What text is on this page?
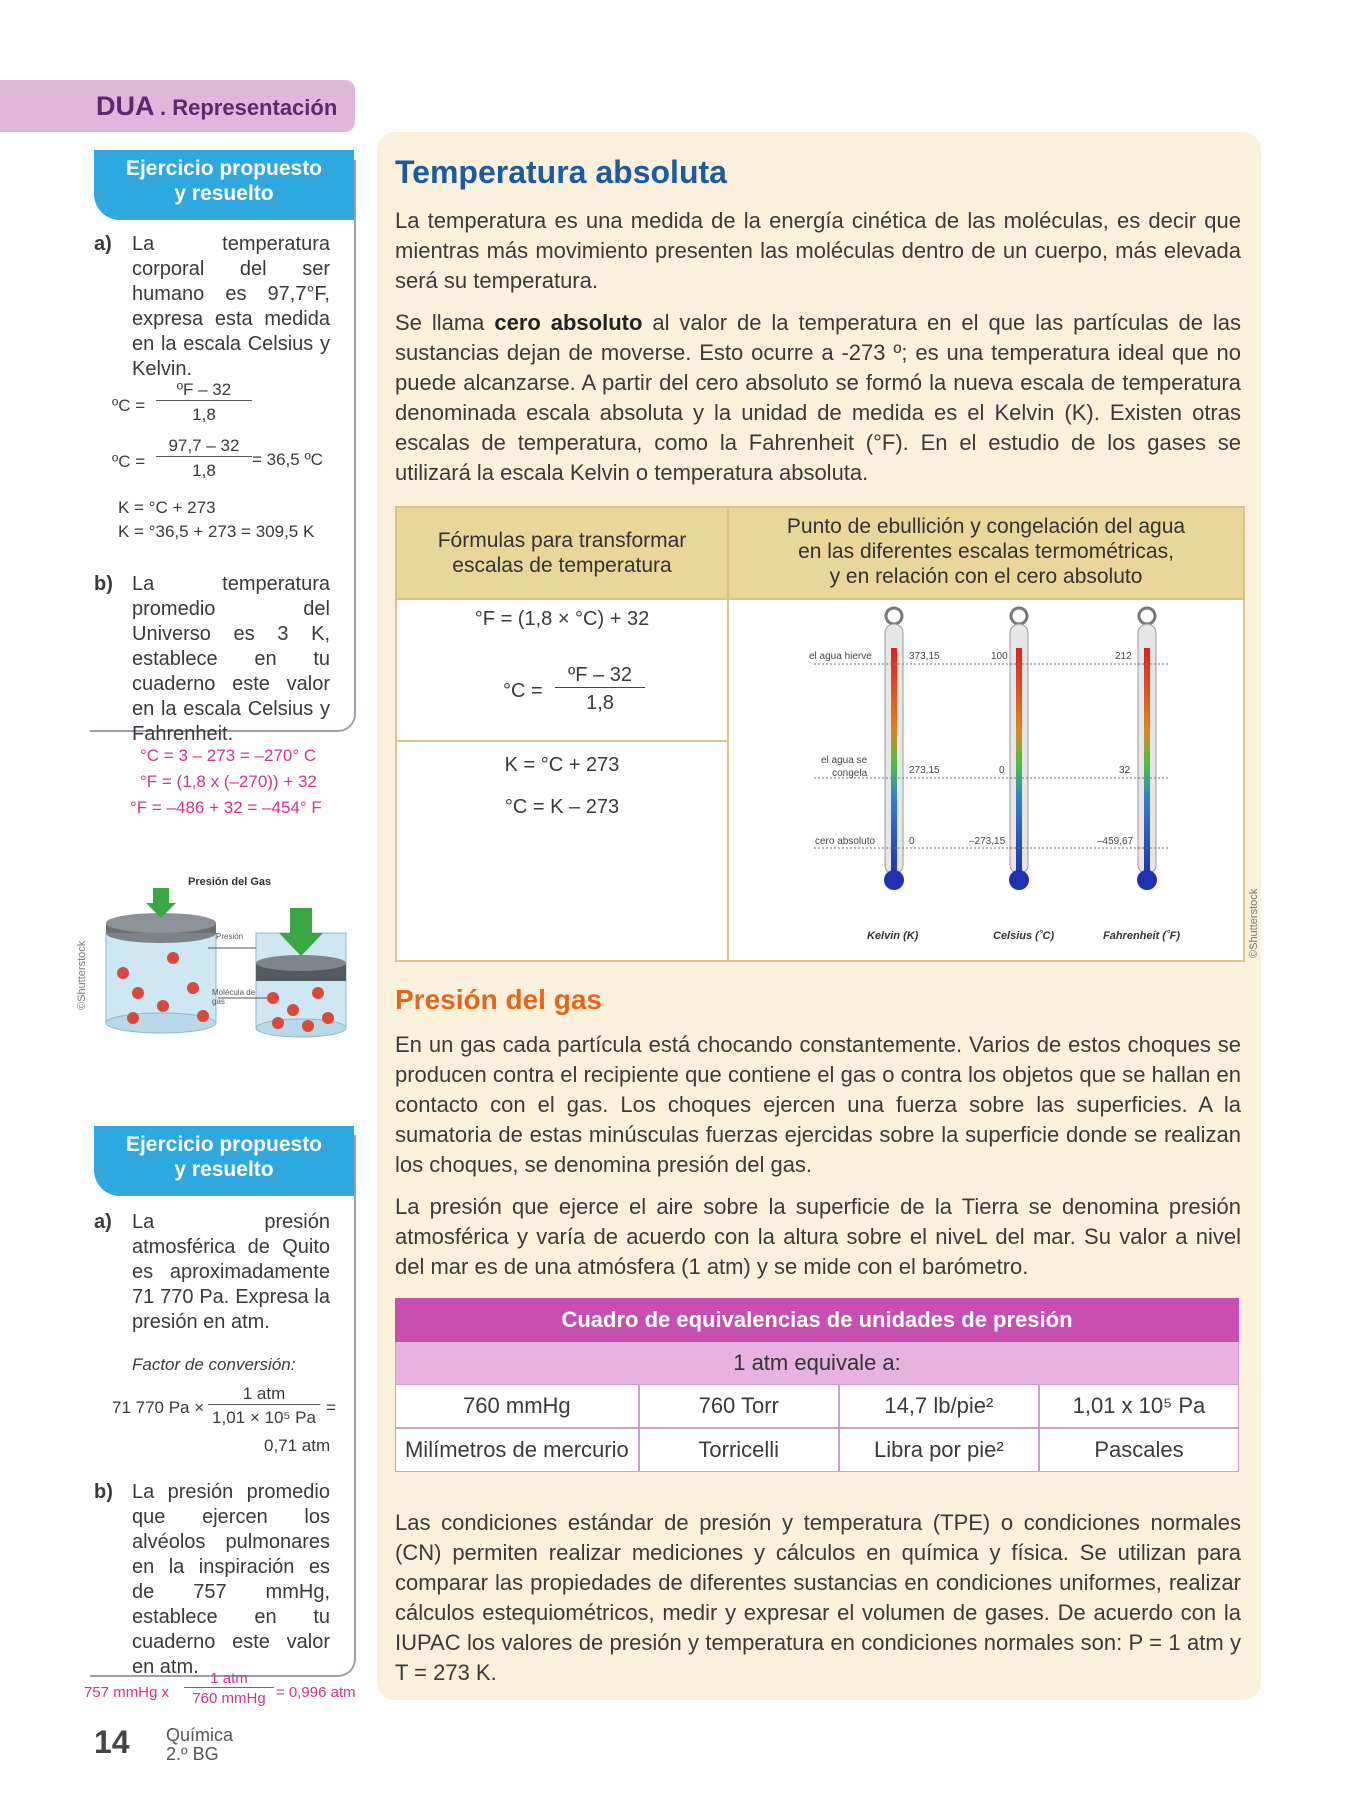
DUA . Representación
Ejercicio propuesto
y resuelto
a) La temperatura corporal del ser humano es 97,7°F, expresa esta medida en la escala Celsius y Kelvin.
ºC = $\frac{\text{ºF – 32}}{1,8}$
ºC = $\frac{97,7 - 32}{1,8} = 36,5$ ºC
K = °C + 273
K = °36,5 + 273 = 309,5 K
b) La temperatura promedio del Universo es 3 K, establece en tu cuaderno este valor en la escala Celsius y Fahrenheit.
°C = 3 – 273 = –270° C
°F = (1,8 x (–270)) + 32
°F = –486 + 32 = –454° F
Presión del Gas
Presión
Molécula de gas
©Shutterstock
Ejercicio propuesto
y resuelto
a) La presión atmosférica de Quito es aproximadamente 71 770 Pa. Expresa la presión en atm.
Factor de conversión:
71 770 Pa ×
1 atm
1,01 × 10⁵ Pa
=
0,71 atm
b) La presión promedio que ejercen los alvéolos pulmonares en la inspiración es de 757 mmHg, establece en tu cuaderno este valor en atm.
757 mmHg x
1 atm
760 mmHg = 0,996 atm
14 Química
2.º BG
Temperatura absoluta
La temperatura es una medida de la energía cinética de las moléculas, es decir que mientras más movimiento presenten las moléculas dentro de un cuerpo, más elevada será su temperatura.
Se llama cero absoluto al valor de la temperatura en el que las partículas de las sustancias dejan de moverse. Esto ocurre a -273 º; es una temperatura ideal que no puede alcanzarse. A partir del cero absoluto se formó la nueva escala de temperatura denominada escala absoluta y la unidad de medida es el Kelvin (K). Existen otras escalas de temperatura, como la Fahrenheit (°F). En el estudio de los gases se utilizará la escala Kelvin o temperatura absoluta.
Fórmulas para transformar escalas de temperatura
Punto de ebullición y congelación del agua
en las diferentes escalas termométricas,
y en relación con el cero absoluto
°F = (1,8 × °C) + 32
$^\circ C = \frac{\text{ºF – 32}}{1,8}$
K = °C + 273
°C = K – 273
el agua hierve
el agua se
congela
cero absoluto
373,15
273,15
0
100
0
–273,15
212
32
–459,67
Kelvin (K)	Celsius (˚C)	Fahrenheit (˚F)	©Shutterstock
Presión del gas
En un gas cada partícula está chocando constantemente. Varios de estos choques se producen contra el recipiente que contiene el gas o contra los objetos que se hallan en contacto con el gas. Los choques ejercen una fuerza sobre las superficies. A la sumatoria de estas minúsculas fuerzas ejercidas sobre la superficie donde se realizan los choques, se denomina presión del gas.
La presión que ejerce el aire sobre la superficie de la Tierra se denomina presión atmosférica y varía de acuerdo con la altura sobre el niveL del mar. Su valor a nivel del mar es de una atmósfera (1 atm) y se mide con el barómetro.
Cuadro de equivalencias de unidades de presión
1 atm equivale a:
760 mmHg	760 Torr	14,7 lb/pie²	1,01 x 10⁵ Pa
Milímetros de mercurio	Torricelli	Libra por pie²	Pascales
Las condiciones estándar de presión y temperatura (TPE) o condiciones normales (CN) permiten realizar mediciones y cálculos en química y física. Se utilizan para comparar las propiedades de diferentes sustancias en condiciones uniformes, realizar cálculos estequiométricos, medir y expresar el volumen de gases. De acuerdo con la IUPAC los valores de presión y temperatura en condiciones normales son: P = 1 atm y T = 273 K.
